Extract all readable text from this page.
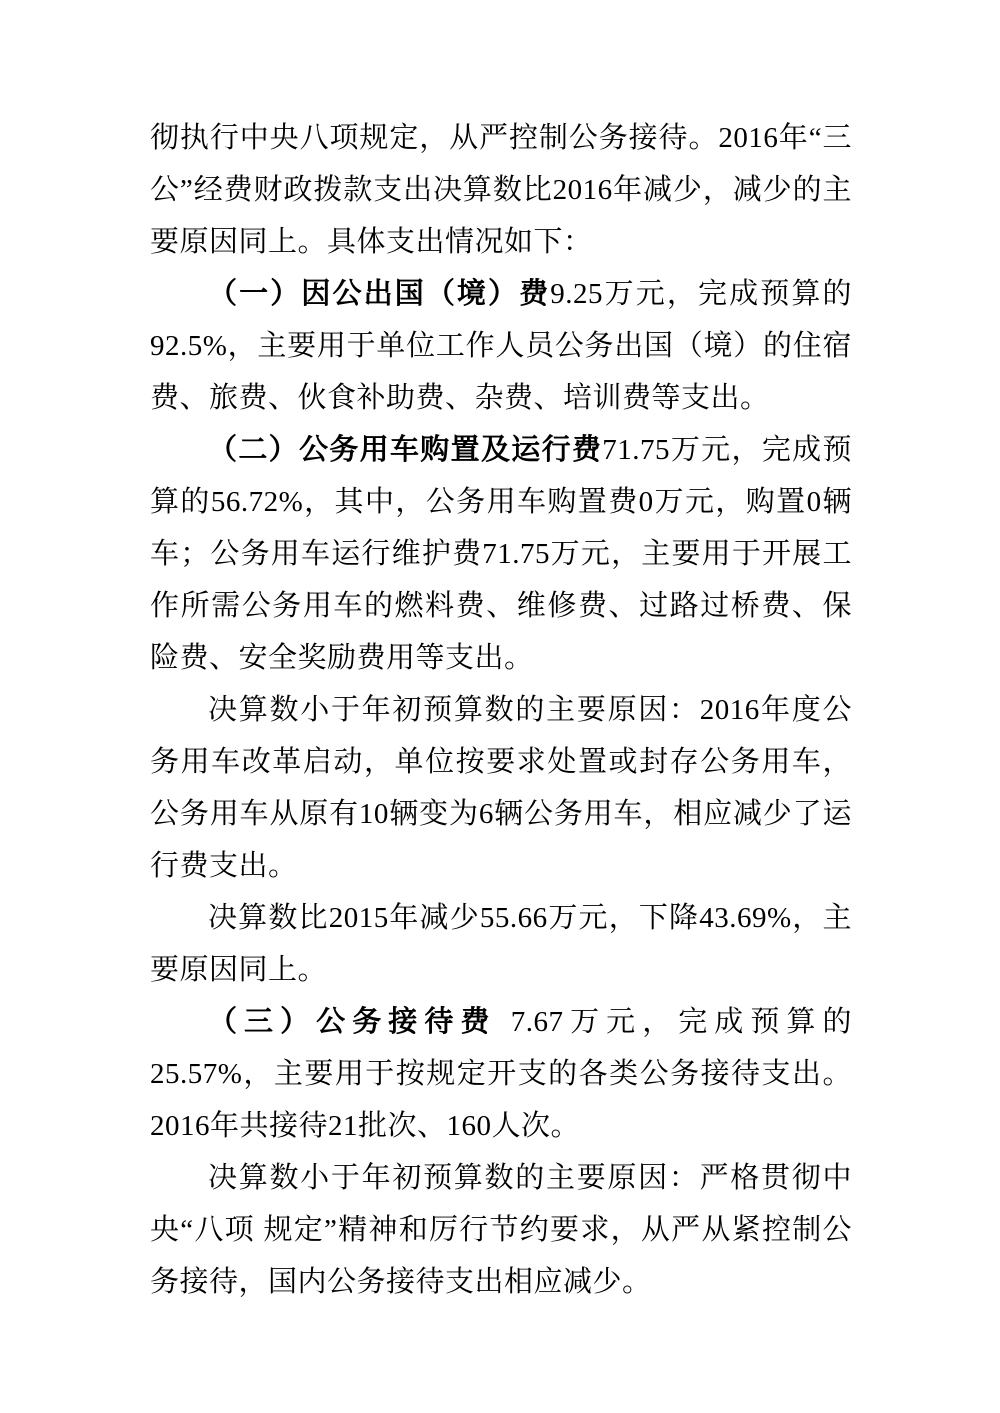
彻执行中央八项规定，从严控制公务接待。2016年“三公”经费财政拨款支出决算数比2016年减少，减少的主要原因同上。具体支出情况如下：

（一）因公出国（境）费9.25万元，完成预算的92.5%，主要用于单位工作人员公务出国（境）的住宿费、旅费、伙食补助费、杂费、培训费等支出。

（二）公务用车购置及运行费71.75万元，完成预算的56.72%，其中，公务用车购置费0万元，购置0辆车；公务用车运行维护费71.75万元，主要用于开展工作所需公务用车的燃料费、维修费、过路过桥费、保险费、安全奖励费用等支出。

决算数小于年初预算数的主要原因：2016年度公务用车改革启动，单位按要求处置或封存公务用车，公务用车从原有10辆变为6辆公务用车，相应减少了运行费支出。

决算数比2015年减少55.66万元，下降43.69%，主要原因同上。

（三）公务接待费 7.67万元，完成预算的25.57%，主要用于按规定开支的各类公务接待支出。2016年共接待21批次、160人次。

决算数小于年初预算数的主要原因：严格贯彻中央“八项 规定”精神和厉行节约要求，从严从紧控制公务接待，国内公务接待支出相应减少。
